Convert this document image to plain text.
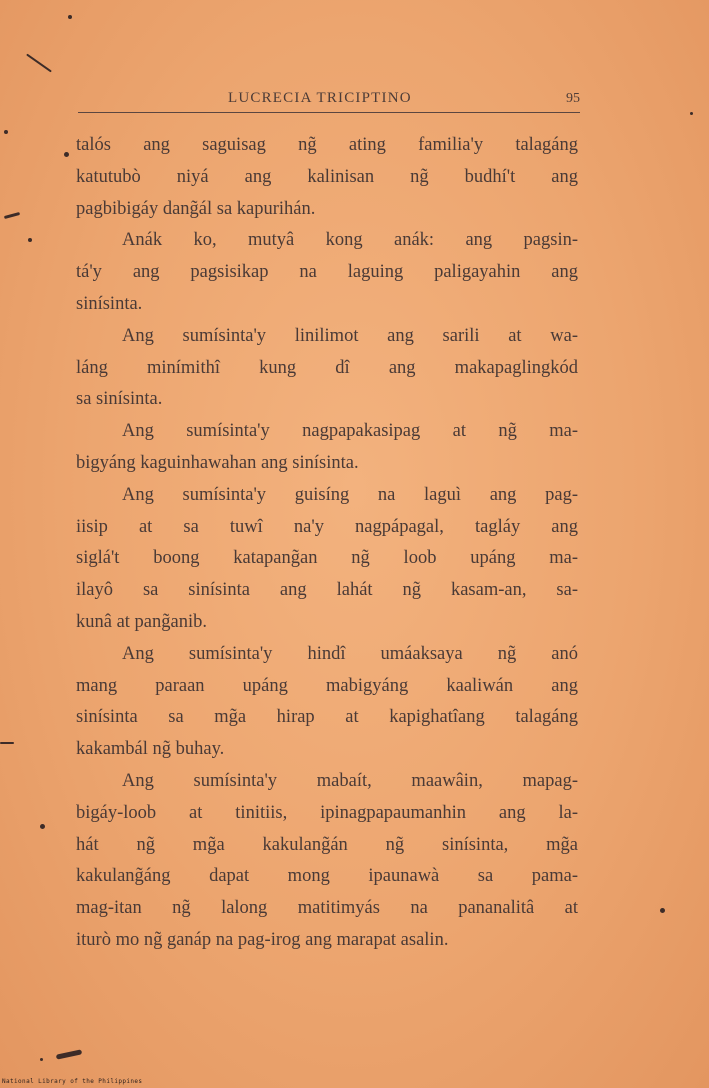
LUCRECIA TRICIPTINO	95
talós ang saguisag ng̃ ating familia'y talagáng
katutubò niyá ang kalinisan ng̃ budhí't ang
pagbibigáy dang̃ál sa kapurihán.
Anák ko, mutyâ kong anák: ang pagsin-
tá'y ang pagsisikap na laguing paligayahin ang
sinísinta.
Ang sumísinta'y linilimot ang sarili at wa-
láng minímithî kung dî ang makapaglingkód
sa sinísinta.
Ang sumísinta'y nagpapakasipag at ng̃ ma-
bigyáng kaguinhawahan ang sinísinta.
Ang sumísinta'y guisíng na laguì ang pag-
iisip at sa tuwî na'y nagpápagal, tagláy ang
siglá't boong katapang̃an ng̃ loob upáng ma-
ilayô sa sinísinta ang lahát ng̃ kasam-an, sa-
kunâ at pang̃anib.
Ang sumísinta'y hindî umáaksaya ng̃ anó
mang paraan upáng mabigyáng kaaliwán ang
sinísinta sa mg̃a hirap at kapighatîang talagáng
kakambál ng̃ buhay.
Ang sumísinta'y mabaít, maawâin, mapag-
bigáy-loob at tinitiis, ipinagpapaumanhin ang la-
hát ng̃ mg̃a kakulang̃án ng̃ sinísinta, mg̃a
kakulang̃áng dapat mong ipaunawà sa pama-
mag-itan ng̃ lalong matitimyás na pananalitâ at
iturò mo ng̃ ganáp na pag-irog ang marapat asalin.
National Library of the Philippines
